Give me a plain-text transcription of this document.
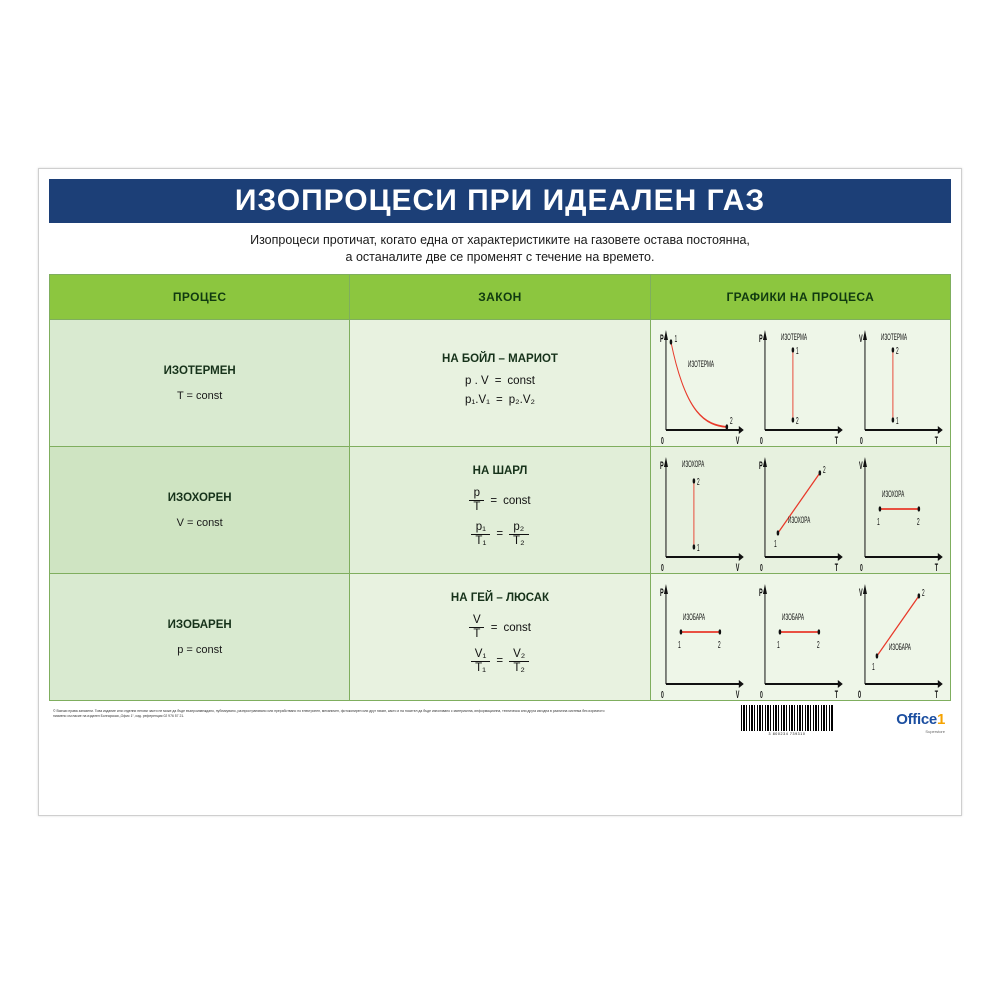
ИЗОПРОЦЕСИ ПРИ ИДЕАЛЕН ГАЗ
Изопроцеси протичат, когато една от характеристиките на газовете остава постоянна,
а останалите две се променят с течение на времето.
ПРОЦЕС	ЗАКОН	ГРАФИКИ НА ПРОЦЕСА

ИЗОТЕРМЕН
T = const

НА БОЙЛ – МАРИОТ
p . V = const
p₁.V₁ = p₂.V₂

1
2
ИЗОТЕРМА
P
V
0
1
2
ИЗОТЕРМА
P
T
0
2
1
ИЗОТЕРМА
V
T
0

ИЗОХОРЕН
V = const

НА ШАРЛ
$\frac{p}{T}$ = const
$\frac{\text{p₁}}{\text{T₁}} = \frac{\text{p₂}}{\text{T₂}}$

2
1
ИЗОХОРА
P
V
0
1
2
ИЗОХОРА
P
T
0
1	2
ИЗОХОРА
V
T
0

ИЗОБАРЕН
p = const

НА ГЕЙ – ЛЮСАК
$\frac{V}{T}$ = const
$\frac{\text{V₁}}{\text{T₁}} = \frac{\text{V₂}}{\text{T₂}}$

1	2
ИЗОБАРА
P
V
0
1	2
ИЗОБАРА
P
T
0
1
2
ИЗОБАРА
V
T
0
© Всички права запазени. Това издание или отделни негови части не може да бъде възпроизвеждано, публикувано, разпространявано или преработвано по електронен, механичен, фотокопирен или друг начин, както и на носител да бъде използвано с материална, информационна, техническа или друга изгодна в различна система без изричното писмено съгласие на издател Болгарская „Офис 1“, изд. референция 02 976 57 21.
3 800234 739310
Office1
Superstore
